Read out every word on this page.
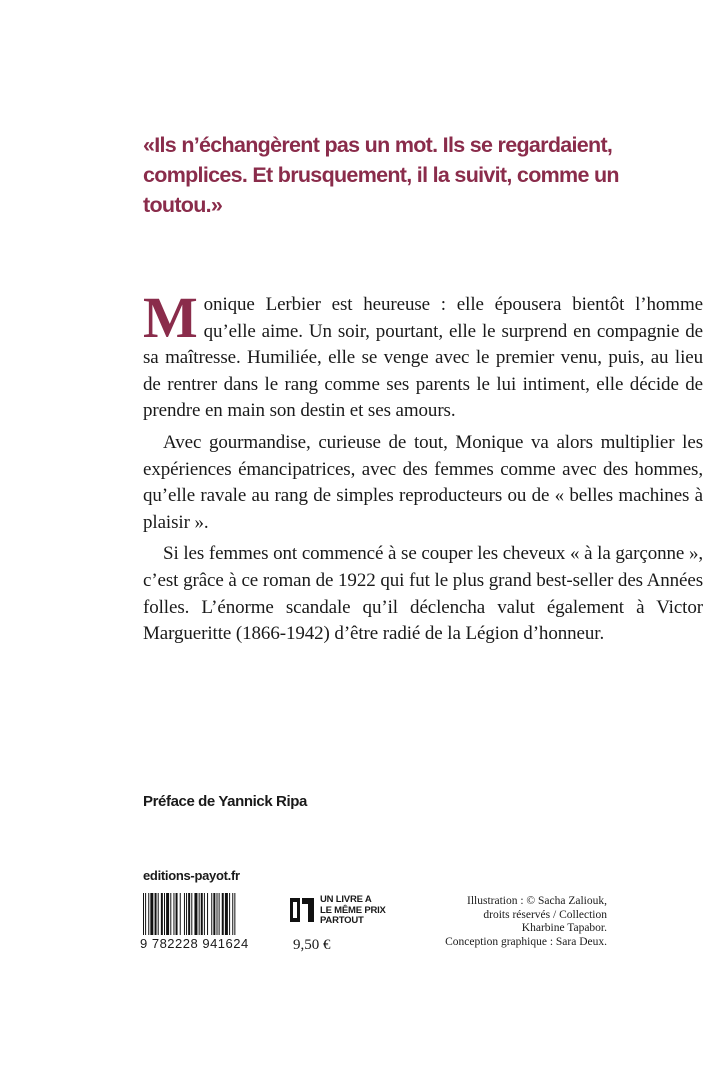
«Ils n’échangèrent pas un mot. Ils se regardaient, complices. Et brusquement, il la suivit, comme un toutou.»

Monique Lerbier est heureuse : elle épousera bientôt l’homme qu’elle aime. Un soir, pourtant, elle le surprend en compagnie de sa maîtresse. Humiliée, elle se venge avec le premier venu, puis, au lieu de rentrer dans le rang comme ses parents le lui intiment, elle décide de prendre en main son destin et ses amours.

Avec gourmandise, curieuse de tout, Monique va alors multiplier les expériences émancipatrices, avec des femmes comme avec des hommes, qu’elle ravale au rang de simples reproducteurs ou de « belles machines à plaisir ».

Si les femmes ont commencé à se couper les cheveux « à la garçonne », c’est grâce à ce roman de 1922 qui fut le plus grand best-seller des Années folles. L’énorme scandale qu’il déclencha valut également à Victor Margueritte (1866-1942) d’être radié de la Légion d’honneur.

Préface de Yannick Ripa
editions-payot.fr
9 782228 941624	9,50 €
UN LIVRE A
LE MÊME PRIX
PARTOUT
Illustration : © Sacha Zaliouk,
droits réservés / Collection
Kharbine Tapabor.
Conception graphique : Sara Deux.
